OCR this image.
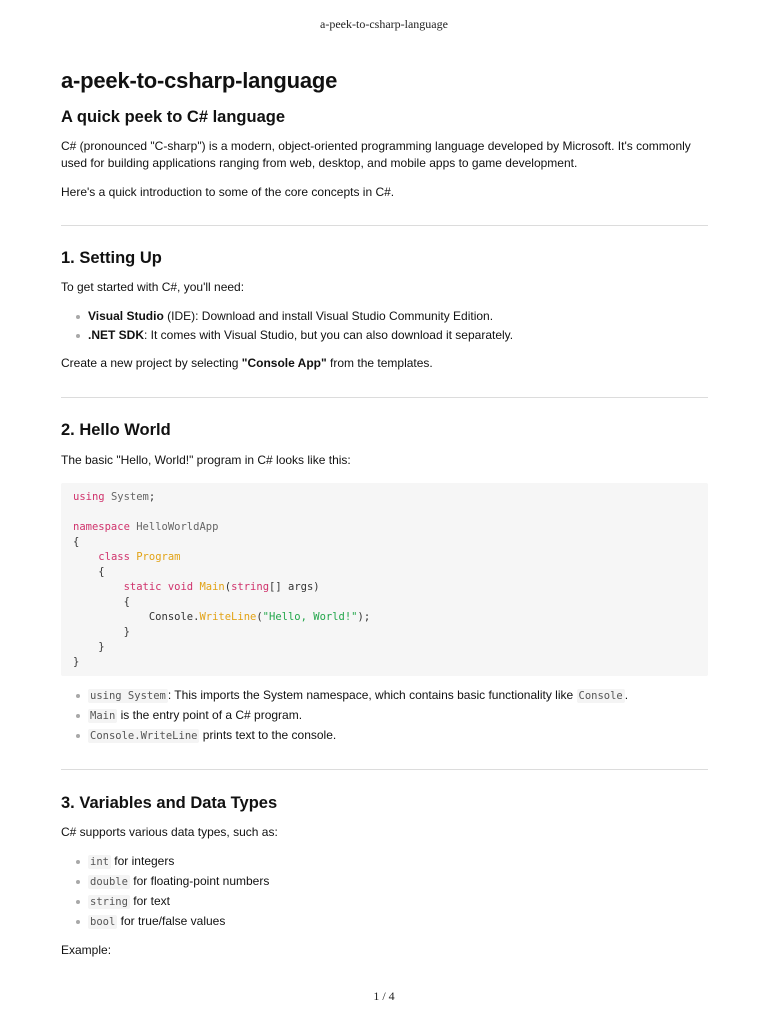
a-peek-to-csharp-language
a-peek-to-csharp-language
A quick peek to C# language

C# (pronounced "C-sharp") is a modern, object-oriented programming language developed by Microsoft. It's commonly used for building applications ranging from web, desktop, and mobile apps to game development.

Here's a quick introduction to some of the core concepts in C#.

1. Setting Up

To get started with C#, you'll need:

Visual Studio (IDE): Download and install Visual Studio Community Edition.
.NET SDK: It comes with Visual Studio, but you can also download it separately.

Create a new project by selecting "Console App" from the templates.

2. Hello World

The basic "Hello, World!" program in C# looks like this:

using System;

namespace HelloWorldApp
{
class Program
{
static void Main(string[] args)
{
Console.WriteLine("Hello, World!");
}
}
}
using System : This imports the System namespace, which contains basic functionality like Console .
Main is the entry point of a C# program.
Console.WriteLine prints text to the console.
3. Variables and Data Types

C# supports various data types, such as:

int for integers
double for floating-point numbers
string for text
bool for true/false values

Example:

1 / 4
